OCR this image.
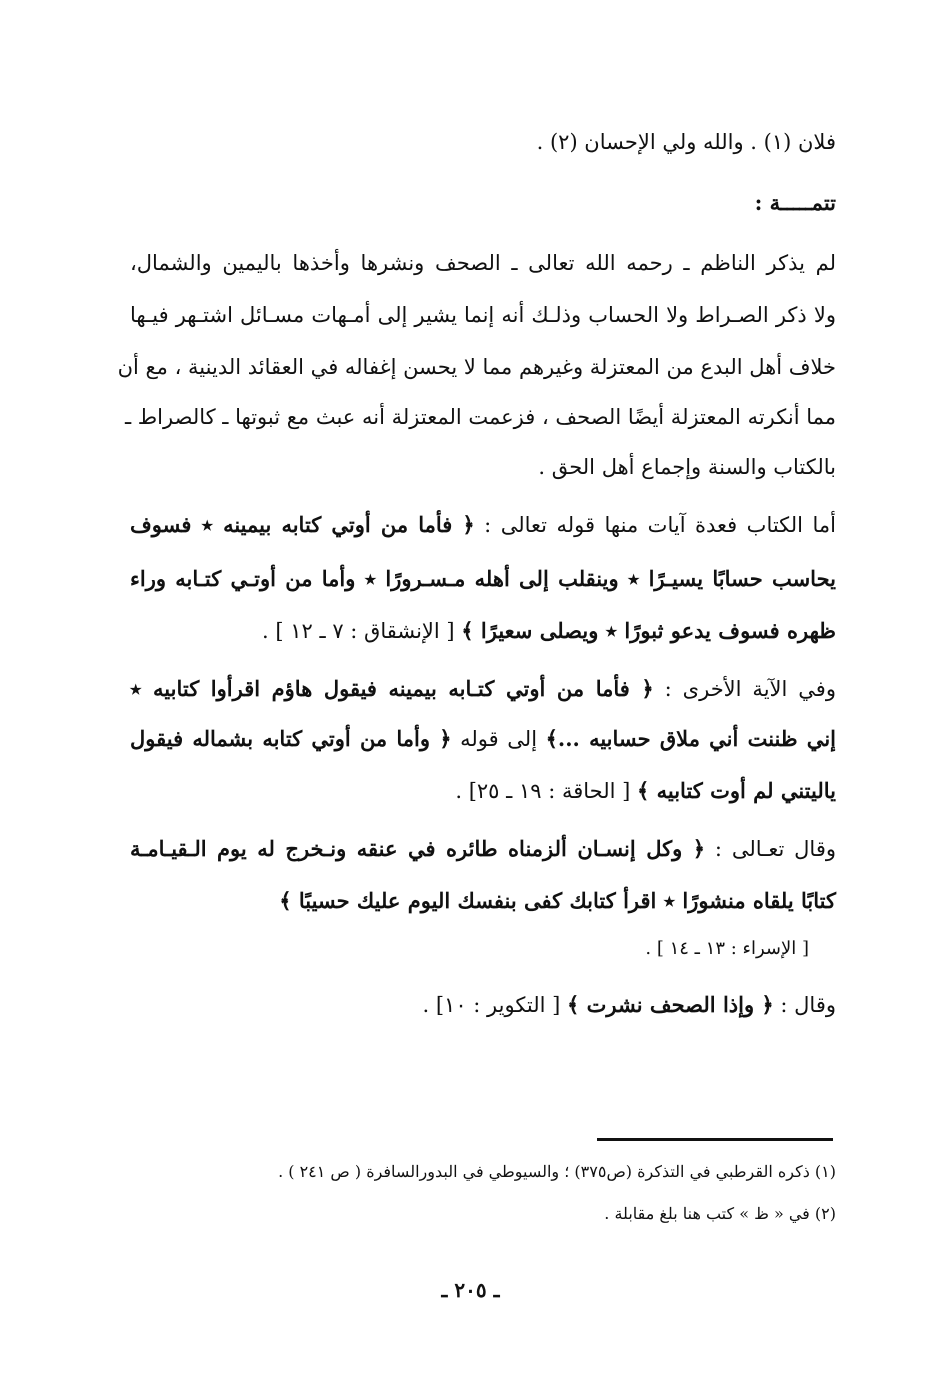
فلان (١) . والله ولي الإحسان (٢) .
تتمـــــة :
لم يذكر الناظم ـ رحمه الله تعالى ـ الصحف ونشرها وأخذها باليمين والشمال،
ولا ذكر الصـراط ولا الحساب وذلـك أنه إنما يشير إلى أمـهات مسـائل اشتـهر فيـها
خلاف أهل البدع من المعتزلة وغيرهم مما لا يحسن إغفاله في العقائد الدينية ، مع أن
مما أنكرته المعتزلة أيضًا الصحف ، فزعمت المعتزلة أنه عبث مع ثبوتها ـ كالصراط ـ
بالكتاب والسنة وإجماع أهل الحق .
أما الكتاب فعدة آيات منها قوله تعالى : ﴿ فأما من أوتي كتابه بيمينه ٭ فسوف
يحاسب حسابًا يسيـرًا ٭ وينقلب إلى أهله مـسـرورًا ٭ وأما من أوتـي كتـابه وراء
ظهره فسوف يدعو ثبورًا ٭ ويصلى سعيرًا ﴾ [ الإنشقاق : ٧ ـ ١٢ ] .
وفي الآية الأخرى : ﴿ فأما من أوتي كتـابه بيمينه فيقول هاؤم اقرأوا كتابيه ٭
إني ظننت أني ملاق حسابيه ...﴾ إلى قوله ﴿ وأما من أوتي كتابه بشماله فيقول
ياليتني لم أوت كتابيه ﴾ [ الحاقة : ١٩ ـ ٢٥] .
وقال تعـالى : ﴿ وكل إنسـان ألزمناه طائره في عنقه ونـخرج له يوم الـقيـامـة
كتابًا يلقاه منشورًا ٭ اقرأ كتابك كفى بنفسك اليوم عليك حسيبًا ﴾
[ الإسراء : ١٣ ـ ١٤ ] .
وقال : ﴿ وإذا الصحف نشرت ﴾ [ التكوير : ١٠] .
(١) ذكره القرطبي في التذكرة (ص٣٧٥) ؛ والسيوطي في البدورالسافرة ( ص ٢٤١ ) .
(٢) في « ظ » كتب هنا بلغ مقابلة .
ـ ٢٠٥ ـ
